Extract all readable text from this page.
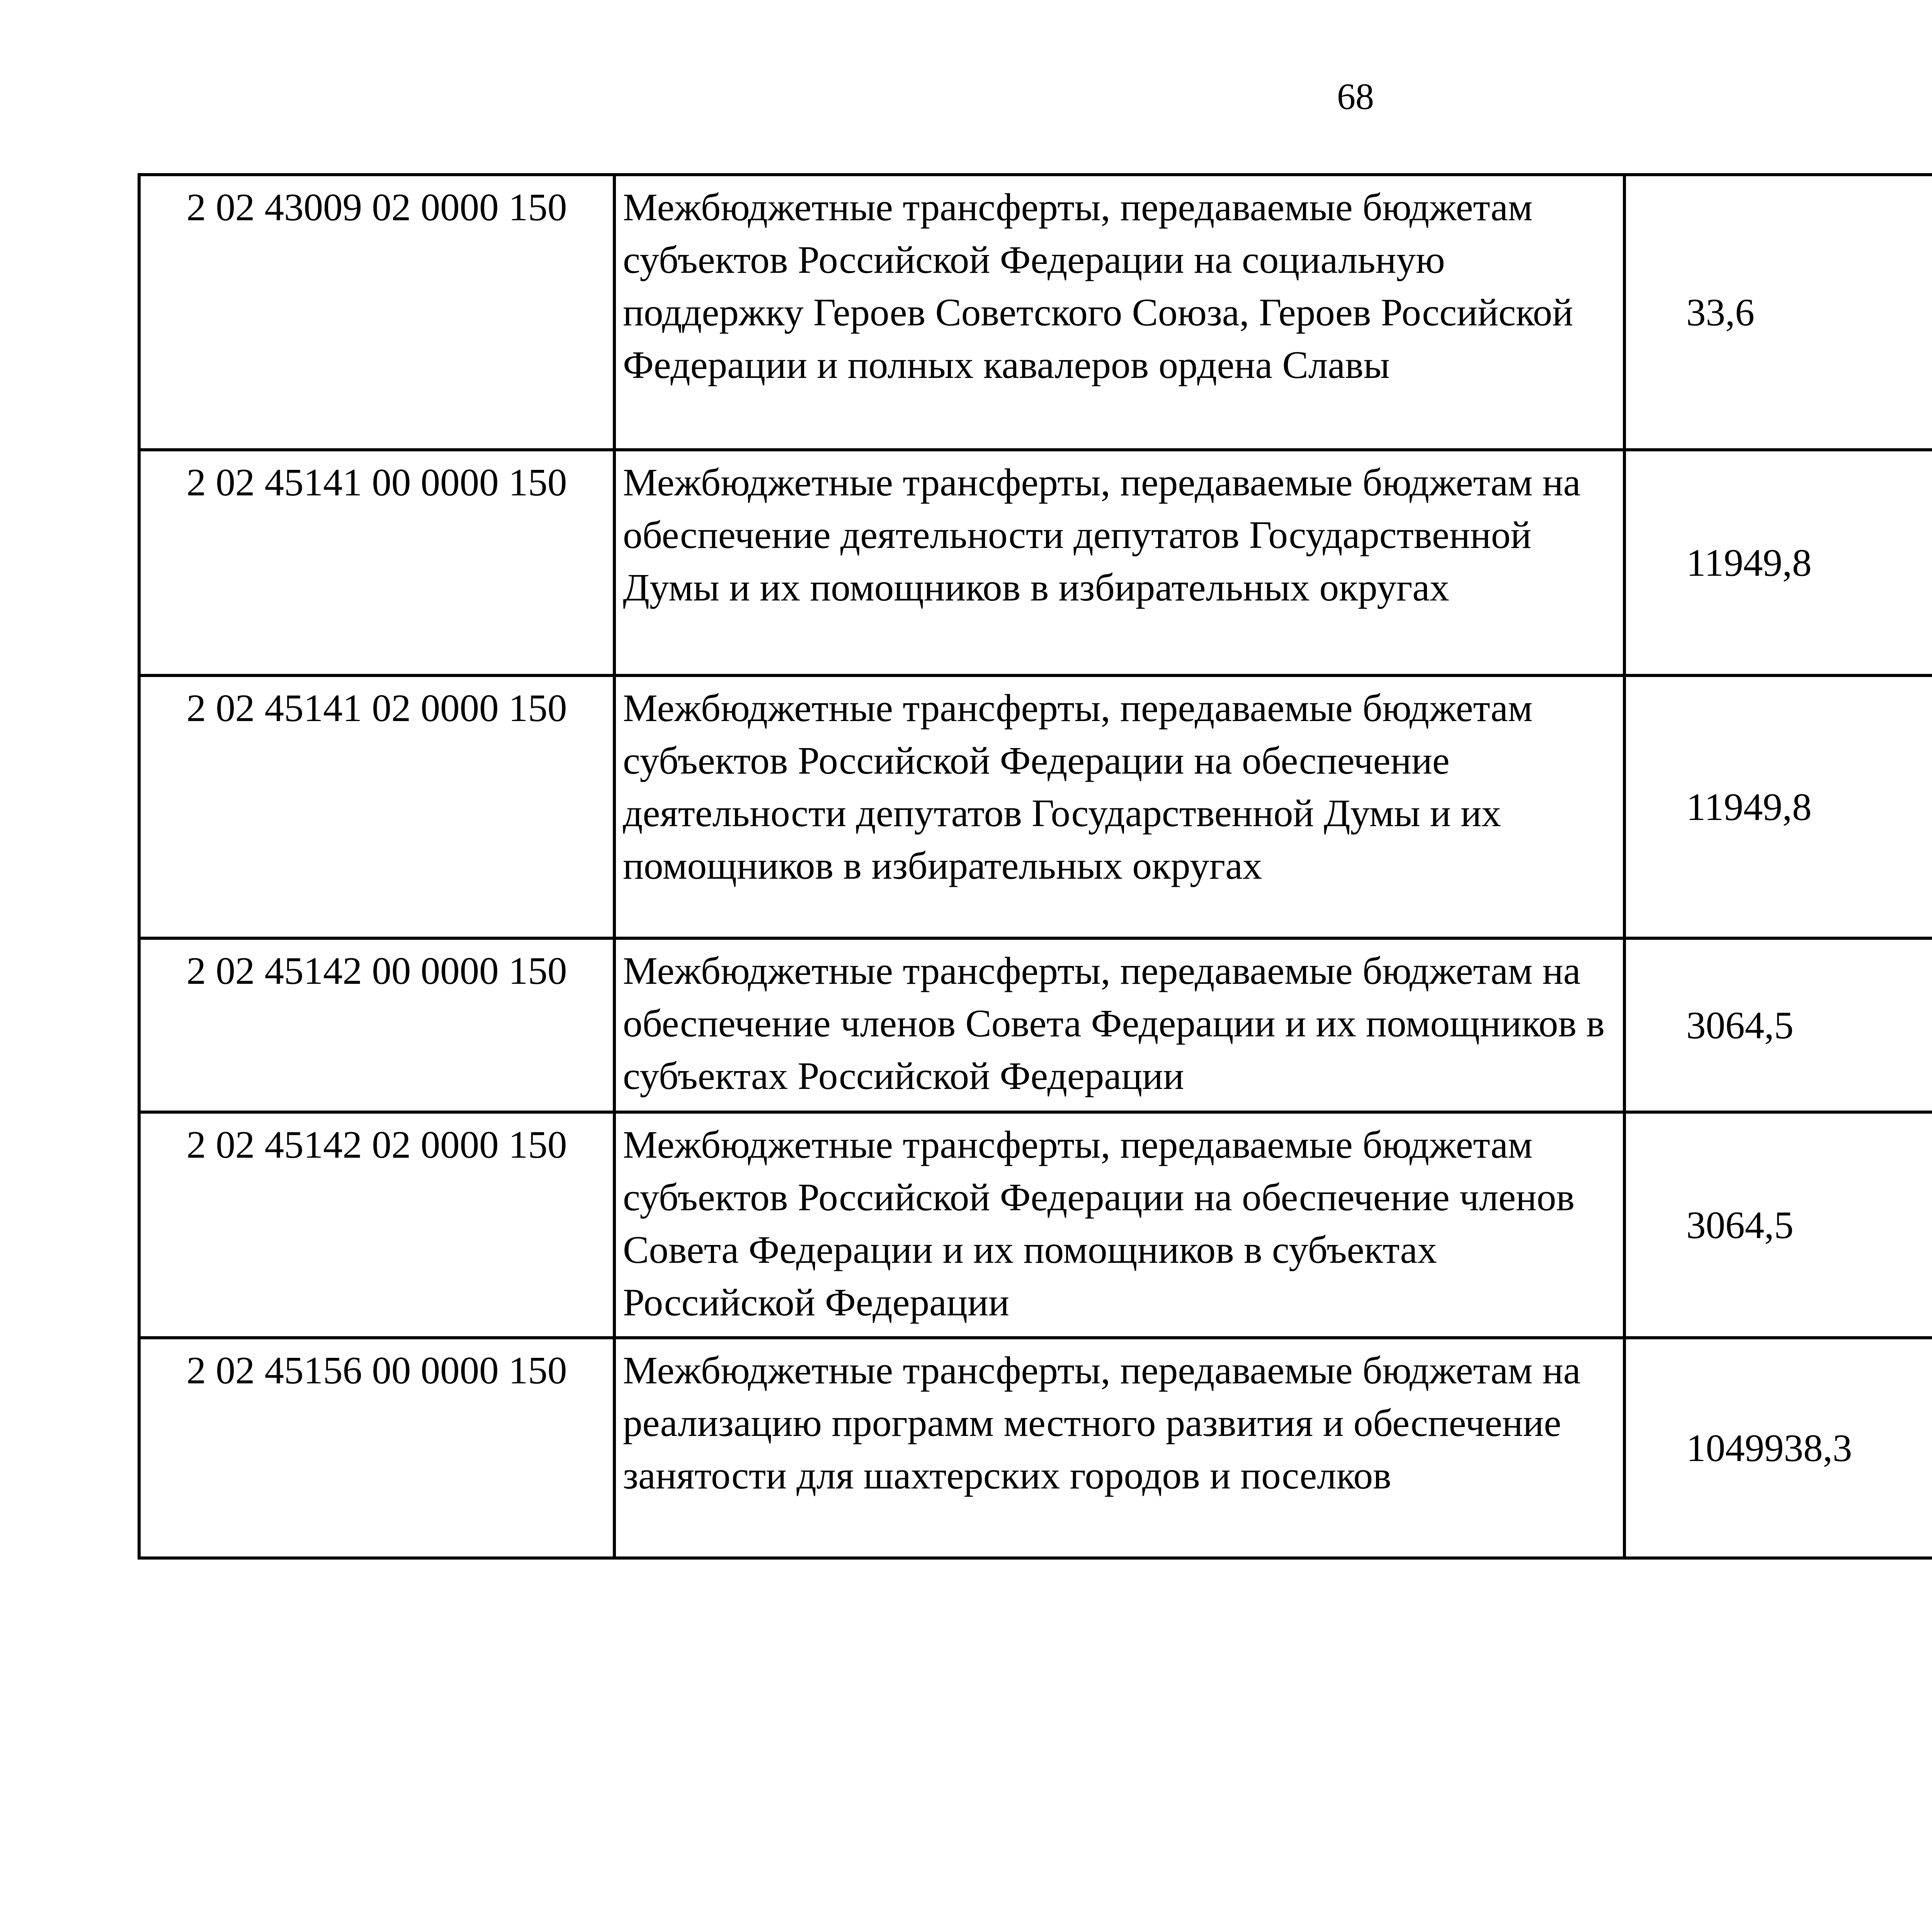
68
2 02 43009 02 0000 150	Межбюджетные трансферты, передаваемые бюджетам субъектов Российской Федерации на социальную поддержку Героев Советского Союза, Героев Российской Федерации и полных кавалеров ордена Славы	33,6		
2 02 45141 00 0000 150	Межбюджетные трансферты, передаваемые бюджетам на обеспечение деятельности депутатов Государственной Думы и их помощников в избирательных округах	11949,8		
2 02 45141 02 0000 150	Межбюджетные трансферты, передаваемые бюджетам субъектов Российской Федерации на обеспечение деятельности депутатов Государственной Думы и их помощников в избирательных округах	11949,8		
2 02 45142 00 0000 150	Межбюджетные трансферты, передаваемые бюджетам на обеспечение членов Совета Федерации и их помощников в субъектах Российской Федерации	3064,5		
2 02 45142 02 0000 150	Межбюджетные трансферты, передаваемые бюджетам субъектов Российской Федерации на обеспечение членов Совета Федерации и их помощников в субъектах Российской Федерации	3064,5		
2 02 45156 00 0000 150	Межбюджетные трансферты, передаваемые бюджетам на реализацию программ местного развития и обеспечение занятости для шахтерских городов и поселков	1049938,3		
